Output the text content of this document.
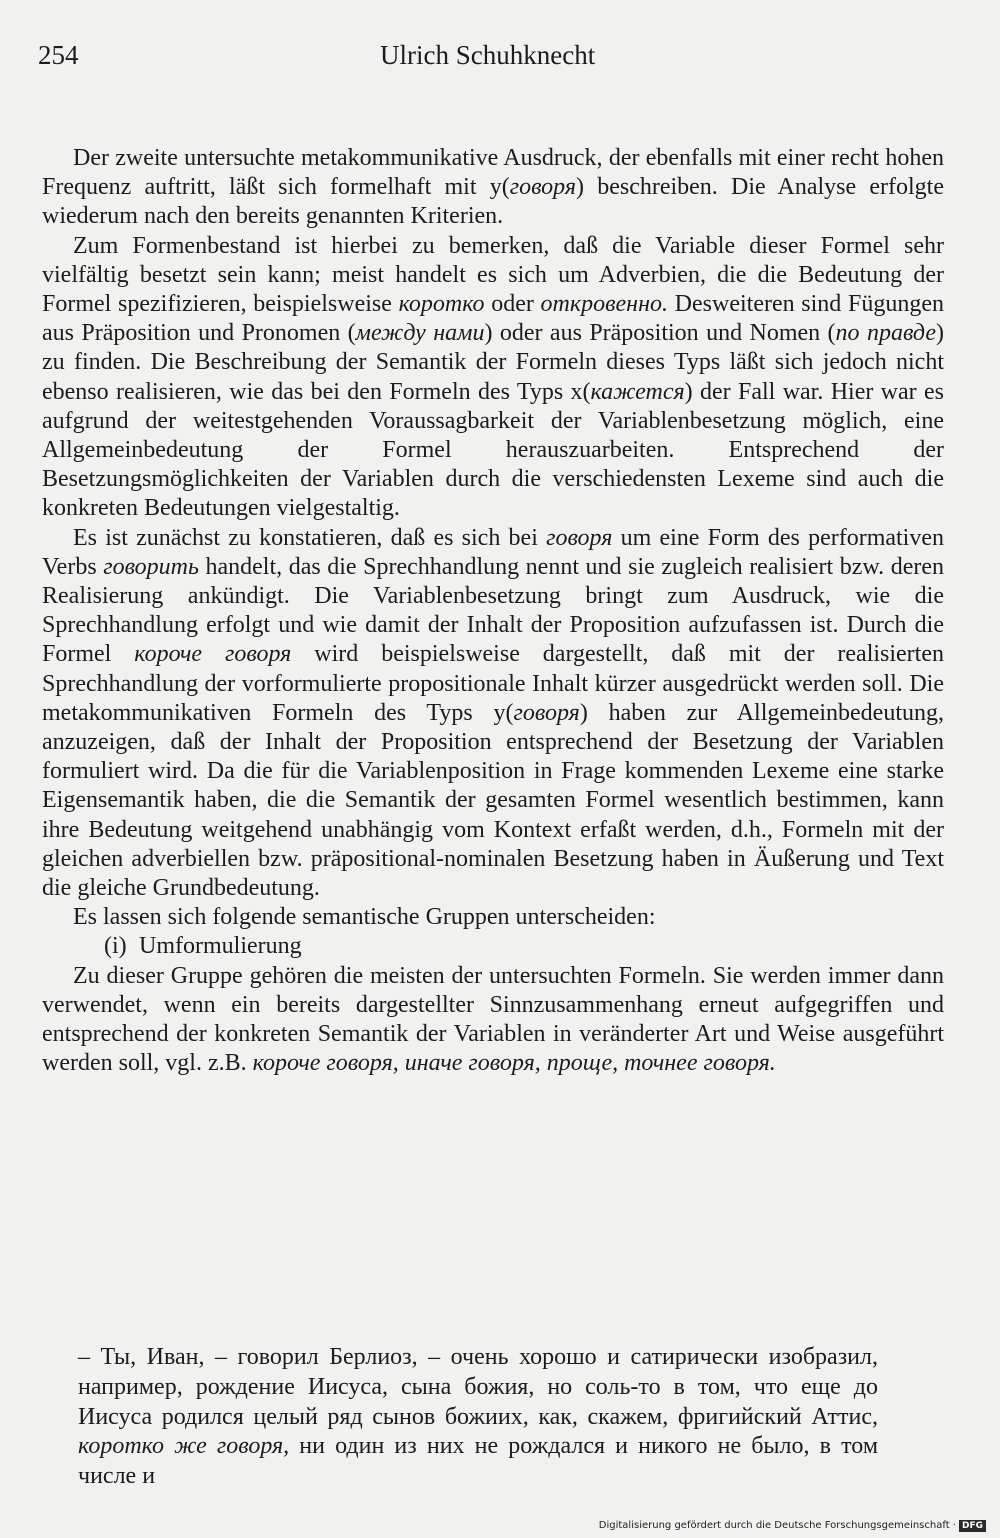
254	Ulrich Schuhknecht

Der zweite untersuchte metakommunikative Ausdruck, der ebenfalls mit einer recht hohen Frequenz auftritt, läßt sich formelhaft mit y(говоря) beschreiben. Die Analyse erfolgte wiederum nach den bereits genannten Kriterien.

Zum Formenbestand ist hierbei zu bemerken, daß die Variable dieser Formel sehr vielfältig besetzt sein kann; meist handelt es sich um Adverbien, die die Bedeutung der Formel spezifizieren, beispielsweise коротко oder откровенно. Desweiteren sind Fügungen aus Präposition und Pronomen (между нами) oder aus Präposition und Nomen (по правде) zu finden. Die Beschreibung der Semantik der Formeln dieses Typs läßt sich jedoch nicht ebenso realisieren, wie das bei den Formeln des Typs x(кажется) der Fall war. Hier war es aufgrund der weitestgehenden Voraussagbarkeit der Variablenbesetzung möglich, eine Allgemeinbedeutung der Formel herauszuarbeiten. Entsprechend der Besetzungsmöglichkeiten der Variablen durch die verschiedensten Lexeme sind auch die konkreten Bedeutungen vielgestaltig.

Es ist zunächst zu konstatieren, daß es sich bei говоря um eine Form des performativen Verbs говорить handelt, das die Sprechhandlung nennt und sie zugleich realisiert bzw. deren Realisierung ankündigt. Die Variablenbesetzung bringt zum Ausdruck, wie die Sprechhandlung erfolgt und wie damit der Inhalt der Proposition aufzufassen ist. Durch die Formel короче говоря wird beispielsweise dargestellt, daß mit der realisierten Sprechhandlung der vorformulierte propositionale Inhalt kürzer ausgedrückt werden soll. Die metakommunikativen Formeln des Typs y(говоря) haben zur Allgemeinbedeutung, anzuzeigen, daß der Inhalt der Proposition entsprechend der Besetzung der Variablen formuliert wird. Da die für die Variablenposition in Frage kommenden Lexeme eine starke Eigensemantik haben, die die Semantik der gesamten Formel wesentlich bestimmen, kann ihre Bedeutung weitgehend unabhängig vom Kontext erfaßt werden, d.h., Formeln mit der gleichen adverbiellen bzw. präpositional-nominalen Besetzung haben in Äußerung und Text die gleiche Grundbedeutung.

Es lassen sich folgende semantische Gruppen unterscheiden:

(i) Umformulierung

Zu dieser Gruppe gehören die meisten der untersuchten Formeln. Sie werden immer dann verwendet, wenn ein bereits dargestellter Sinnzusammenhang erneut aufgegriffen und entsprechend der konkreten Semantik der Variablen in veränderter Art und Weise ausgeführt werden soll, vgl. z.B. короче говоря, иначе говоря, проще, точнее говоря.

– Ты, Иван, – говорил Берлиоз, – очень хорошо и сатирически изобразил, например, рождение Иисуса, сына божия, но соль-то в том, что еще до Иисуса родился целый ряд сынов божиих, как, скажем, фригийский Аттис, коротко же говоря, ни один из них не рождался и никого не было, в том числе и
Digitalisierung gefördert durch die Deutsche Forschungsgemeinschaft · DFG
